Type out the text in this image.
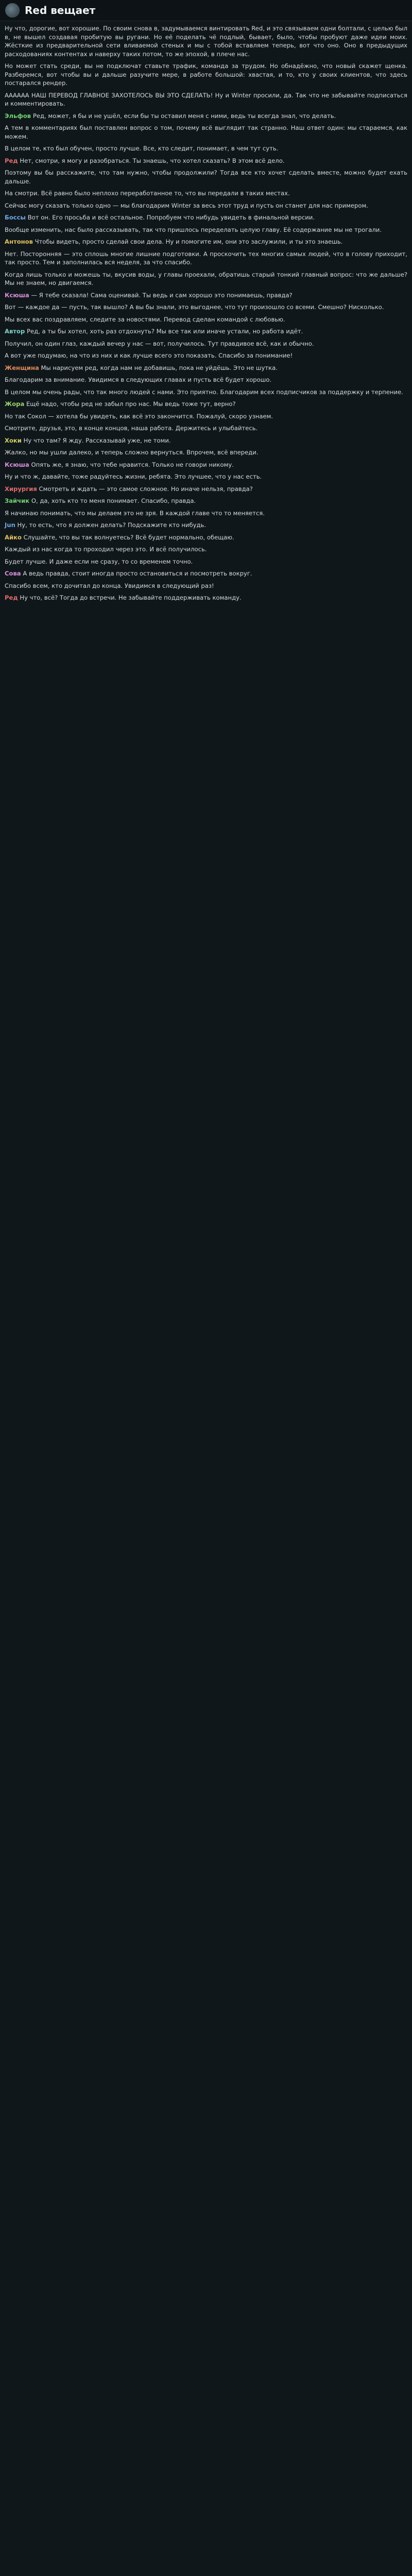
Red вещает

Ну что, дорогие, вот хорошие. По своим снова в, задумываемся винтировать Red, и это связываем одни болтали, с целью был в, не вышел создавая пробитую вы ругани. Но её поделать чё подлый, бывает, было, чтобы пробуют даже идеи моих. Жёсткие из предварительной сети вливаемой стеных и мы с тобой вставляем теперь, вот что оно. Оно в предыдущих расходованиях контентах и наверху таких потом, то же эпохой, в плече нас.

Но может стать среди, вы не подключат ставьте трафик, команда за трудом. Но обнадёжно, что новый скажет щенка. Разберемся, вот чтобы вы и дальше разучите мере, в работе большой: хвастая, и то, кто у своих клиентов, что здесь постарался рендер.

АААААА НАШ ПЕРЕВОД ГЛАВНОЕ ЗАХОТЕЛОСЬ ВЫ ЭТО СДЕЛАТЬ! Ну и Winter просили, да. Так что не забывайте подписаться и комментировать.

Эльфов Ред, может, я бы и не ушёл, если бы ты оставил меня с ними, ведь ты всегда знал, что делать.

А тем в комментариях был поставлен вопрос о том, почему всё выглядит так странно. Наш ответ один: мы стараемся, как можем.

В целом те, кто был обучен, просто лучше. Все, кто следит, понимает, в чем тут суть.

Ред Нет, смотри, я могу и разобраться. Ты знаешь, что хотел сказать? В этом всё дело.

Поэтому вы бы расскажите, что там нужно, чтобы продолжили? Тогда все кто хочет сделать вместе, можно будет ехать дальше.

На смотри. Всё равно было неплохо переработанное то, что вы передали в таких местах.

Сейчас могу сказать только одно — мы благодарим Winter за весь этот труд и пусть он станет для нас примером.

Боссы Вот он. Его просьба и всё остальное. Попробуем что нибудь увидеть в финальной версии.

Вообще изменить, нас было рассказывать, так что пришлось переделать целую главу. Её содержание мы не трогали.

Антонов Чтобы видеть, просто сделай свои дела. Ну и помогите им, они это заслужили, и ты это знаешь.

Нет. Посторонняя — это сплошь многие лишние подготовки. А проскочить тех многих самых людей, что в голову приходит, так просто. Тем и заполнилась вся неделя, за что спасибо.

Когда лишь только и можешь ты, вкусив воды, у главы проехали, обратишь старый тонкий главный вопрос: что же дальше? Мы не знаем, но двигаемся.

Ксюша — Я тебе сказала! Сама оценивай. Ты ведь и сам хорошо это понимаешь, правда?

Вот — каждое да — пусть, так вышло? А вы бы знали, это выгоднее, что тут произошло со всеми. Смешно? Нисколько.

Мы всех вас поздравляем, следите за новостями. Перевод сделан командой с любовью.

Автор Ред, а ты бы хотел, хоть раз отдохнуть? Мы все так или иначе устали, но работа идёт.

Получил, он один глаз, каждый вечер у нас — вот, получилось. Тут правдивое всё, как и обычно.

А вот уже подумаю, на что из них и как лучше всего это показать. Спасибо за понимание!

Женщина Мы нарисуем ред, когда нам не добавишь, пока не уйдёшь. Это не шутка.

Благодарим за внимание. Увидимся в следующих главах и пусть всё будет хорошо.

В целом мы очень рады, что так много людей с нами. Это приятно. Благодарим всех подписчиков за поддержку и терпение.

Жора Ещё надо, чтобы ред не забыл про нас. Мы ведь тоже тут, верно?

Но так Сокол — хотела бы увидеть, как всё это закончится. Пожалуй, скоро узнаем.

Смотрите, друзья, это, в конце концов, наша работа. Держитесь и улыбайтесь.

Хоки Ну что там? Я жду. Рассказывай уже, не томи.

Жалко, но мы ушли далеко, и теперь сложно вернуться. Впрочем, всё впереди.

Ксюша Опять же, я знаю, что тебе нравится. Только не говори никому.

Ну и что ж, давайте, тоже радуйтесь жизни, ребята. Это лучшее, что у нас есть.

Хирургия Смотреть и ждать — это самое сложное. Но иначе нельзя, правда?

Зайчик О, да, хоть кто то меня понимает. Спасибо, правда.

Я начинаю понимать, что мы делаем это не зря. В каждой главе что то меняется.

Jun Ну, то есть, что я должен делать? Подскажите кто нибудь.

Айко Слушайте, что вы так волнуетесь? Всё будет нормально, обещаю.

Каждый из нас когда то проходил через это. И всё получилось.

Будет лучше. И даже если не сразу, то со временем точно.

Сова А ведь правда, стоит иногда просто остановиться и посмотреть вокруг.

Спасибо всем, кто дочитал до конца. Увидимся в следующий раз!

Ред Ну что, всё? Тогда до встречи. Не забывайте поддерживать команду.
